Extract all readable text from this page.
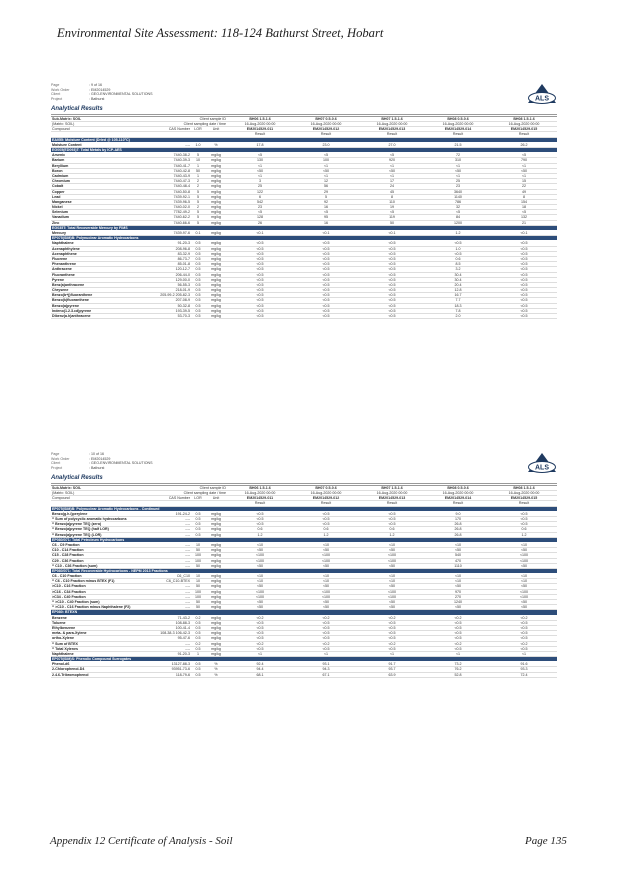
Environmental Site Assessment: 118-124 Bathurst Street, Hobart
Page	: 9 of 16
Work Order	: EM2014529
Client	: GEO-ENVIRONMENTAL SOLUTIONS
Project	: Bathurst	ALS
Analytical Results
Sub-Matrix: SOIL		Client sample ID		BH06 1.5-1.6	BH07 0.5-0.6	BH07 1.5-1.6	BH08 0.5-0.6	BH08 1.5-1.6
(Matrix: SOIL)	Client sampling date / time			16-Aug-2020 00:00	16-Aug-2020 00:00	16-Aug-2020 00:00	16-Aug-2020 00:00	16-Aug-2020 00:00
Compound	CAS Number	LOR	Unit	EM2014529-011	EM2014529-012	EM2014529-013	EM2014529-014	EM2014529-015
				Result	Result	Result	Result	Result
EA055: Moisture Content (Dried @ 105-110°C)								
Moisture Content	----	1.0	%	17.8	23.0	27.0	21.5	26.2
EG005(ED093)T: Total Metals by ICP-AES								
Arsenic	7440-38-2	5	mg/kg	<5	<5	<5	72	<5
Barium	7440-39-3	10	mg/kg	130	100	920	310	790
Beryllium	7440-41-7	1	mg/kg	<1	<1	<1	<1	<1
Boron	7440-42-8	50	mg/kg	<50	<50	<50	<50	<50
Cadmium	7440-43-9	1	mg/kg	<1	<1	<1	<1	<1
Chromium	7440-47-3	2	mg/kg	3	12	17	25	15
Cobalt	7440-48-4	2	mg/kg	25	56	24	23	22
Copper	7440-50-8	5	mg/kg	122	29	45	3640	49
Lead	7439-92-1	5	mg/kg	6	5	8	1140	8
Manganese	7439-96-5	5	mg/kg	542	92	110	786	154
Nickel	7440-02-0	2	mg/kg	23	16	19	32	18
Selenium	7782-49-2	5	mg/kg	<5	<5	<5	<5	<5
Vanadium	7440-62-2	5	mg/kg	128	95	119	84	132
Zinc	7440-66-6	5	mg/kg	26	16	50	1200	21
EG035T: Total Recoverable Mercury by FIMS								
Mercury	7439-97-6	0.1	mg/kg	<0.1	<0.1	<0.1	1.2	<0.1
EP075(SIM)B: Polynuclear Aromatic Hydrocarbons								
Naphthalene	91-20-3	0.5	mg/kg	<0.5	<0.5	<0.5	<0.5	<0.5
Acenaphthylene	208-96-8	0.5	mg/kg	<0.5	<0.5	<0.5	1.0	<0.5
Acenaphthene	83-32-9	0.5	mg/kg	<0.5	<0.5	<0.5	<0.5	<0.5
Fluorene	86-73-7	0.5	mg/kg	<0.5	<0.5	<0.5	0.6	<0.5
Phenanthrene	85-01-8	0.5	mg/kg	<0.5	<0.5	<0.5	8.5	<0.5
Anthracene	120-12-7	0.5	mg/kg	<0.5	<0.5	<0.5	3.2	<0.5
Fluoranthene	206-44-0	0.5	mg/kg	<0.5	<0.5	<0.5	30.4	<0.5
Pyrene	129-00-0	0.5	mg/kg	<0.5	<0.5	<0.5	30.4	<0.5
Benz(a)anthracene	56-55-3	0.5	mg/kg	<0.5	<0.5	<0.5	20.4	<0.5
Chrysene	218-01-9	0.5	mg/kg	<0.5	<0.5	<0.5	12.8	<0.5
Benzo(b+j)fluoranthene	205-99-2 205-82-3	0.5	mg/kg	<0.5	<0.5	<0.5	16.7	<0.5
Benzo(k)fluoranthene	207-08-9	0.5	mg/kg	<0.5	<0.5	<0.5	7.7	<0.5
Benzo(a)pyrene	50-32-8	0.5	mg/kg	<0.5	<0.5	<0.5	18.3	<0.5
Indeno(1.2.3.cd)pyrene	193-39-5	0.5	mg/kg	<0.5	<0.5	<0.5	7.8	<0.5
Dibenz(a.h)anthracene	53-70-3	0.5	mg/kg	<0.5	<0.5	<0.5	2.0	<0.5
Page	: 10 of 16
Work Order	: EM2014529
Client	: GEO-ENVIRONMENTAL SOLUTIONS
Project	: Bathurst	ALS
Analytical Results
Sub-Matrix: SOIL		Client sample ID		BH06 1.5-1.6	BH07 0.5-0.6	BH07 1.5-1.6	BH08 0.5-0.6	BH08 1.5-1.6
(Matrix: SOIL)	Client sampling date / time			16-Aug-2020 00:00	16-Aug-2020 00:00	16-Aug-2020 00:00	16-Aug-2020 00:00	16-Aug-2020 00:00
Compound	CAS Number	LOR	Unit	EM2014529-011	EM2014529-012	EM2014529-013	EM2014529-014	EM2014529-015
				Result	Result	Result	Result	Result
EP075(SIM)B: Polynuclear Aromatic Hydrocarbons - Continued								
Benzo(g.h.i)perylene	191-24-2	0.5	mg/kg	<0.5	<0.5	<0.5	9.0	<0.5
^ Sum of polycyclic aromatic hydrocarbons	----	0.5	mg/kg	<0.5	<0.5	<0.5	170	<0.5
^ Benzo(a)pyrene TEQ (zero)	----	0.5	mg/kg	<0.5	<0.5	<0.5	26.8	<0.5
^ Benzo(a)pyrene TEQ (half LOR)	----	0.5	mg/kg	0.6	0.6	0.6	26.8	0.6
^ Benzo(a)pyrene TEQ (LOR)	----	0.5	mg/kg	1.2	1.2	1.2	26.8	1.2
EP080/071: Total Petroleum Hydrocarbons								
C6 - C9 Fraction	----	10	mg/kg	<10	<10	<10	<10	<10
C10 - C14 Fraction	----	50	mg/kg	<50	<50	<50	<50	<50
C15 - C28 Fraction	----	100	mg/kg	<100	<100	<100	540	<100
C29 - C36 Fraction	----	100	mg/kg	<100	<100	<100	470	<100
^ C10 - C36 Fraction (sum)	----	50	mg/kg	<50	<50	<50	1110	<50
EP080/071: Total Recoverable Hydrocarbons - NEPM 2013 Fractions								
C6 - C10 Fraction	C6_C10	10	mg/kg	<10	<10	<10	<10	<10
^ C6 - C10 Fraction minus BTEX (F1)	C6_C10-BTEX	10	mg/kg	<10	<10	<10	<10	<10
>C10 - C16 Fraction	----	50	mg/kg	<50	<50	<50	<50	<50
>C16 - C34 Fraction	----	100	mg/kg	<100	<100	<100	970	<100
>C34 - C40 Fraction	----	100	mg/kg	<100	<100	<100	270	<100
^ >C10 - C40 Fraction (sum)	----	50	mg/kg	<50	<50	<50	1240	<50
^ >C10 - C16 Fraction minus Naphthalene (F2)	----	50	mg/kg	<50	<50	<50	<50	<50
EP080: BTEXN								
Benzene	71-43-2	0.2	mg/kg	<0.2	<0.2	<0.2	<0.2	<0.2
Toluene	108-88-3	0.5	mg/kg	<0.5	<0.5	<0.5	<0.5	<0.5
Ethylbenzene	100-41-4	0.5	mg/kg	<0.5	<0.5	<0.5	<0.5	<0.5
meta- & para-Xylene	108-38-3 106-42-3	0.5	mg/kg	<0.5	<0.5	<0.5	<0.5	<0.5
ortho-Xylene	95-47-6	0.5	mg/kg	<0.5	<0.5	<0.5	<0.5	<0.5
^ Sum of BTEX	----	0.2	mg/kg	<0.2	<0.2	<0.2	<0.2	<0.2
^ Total Xylenes	----	0.5	mg/kg	<0.5	<0.5	<0.5	<0.5	<0.5
Naphthalene	91-20-3	1	mg/kg	<1	<1	<1	<1	<1
EP075(SIM)S: Phenolic Compound Surrogates								
Phenol-d6	13127-88-3	0.5	%	92.4	93.1	91.7	73.2	91.6
2-Chlorophenol-D4	93951-73-6	0.5	%	94.4	94.3	93.7	76.2	93.3
2.4.6-Tribromophenol	118-79-6	0.5	%	68.1	67.1	63.9	52.8	72.4
Appendix 12 Certificate of Analysis - Soil	Page 135
